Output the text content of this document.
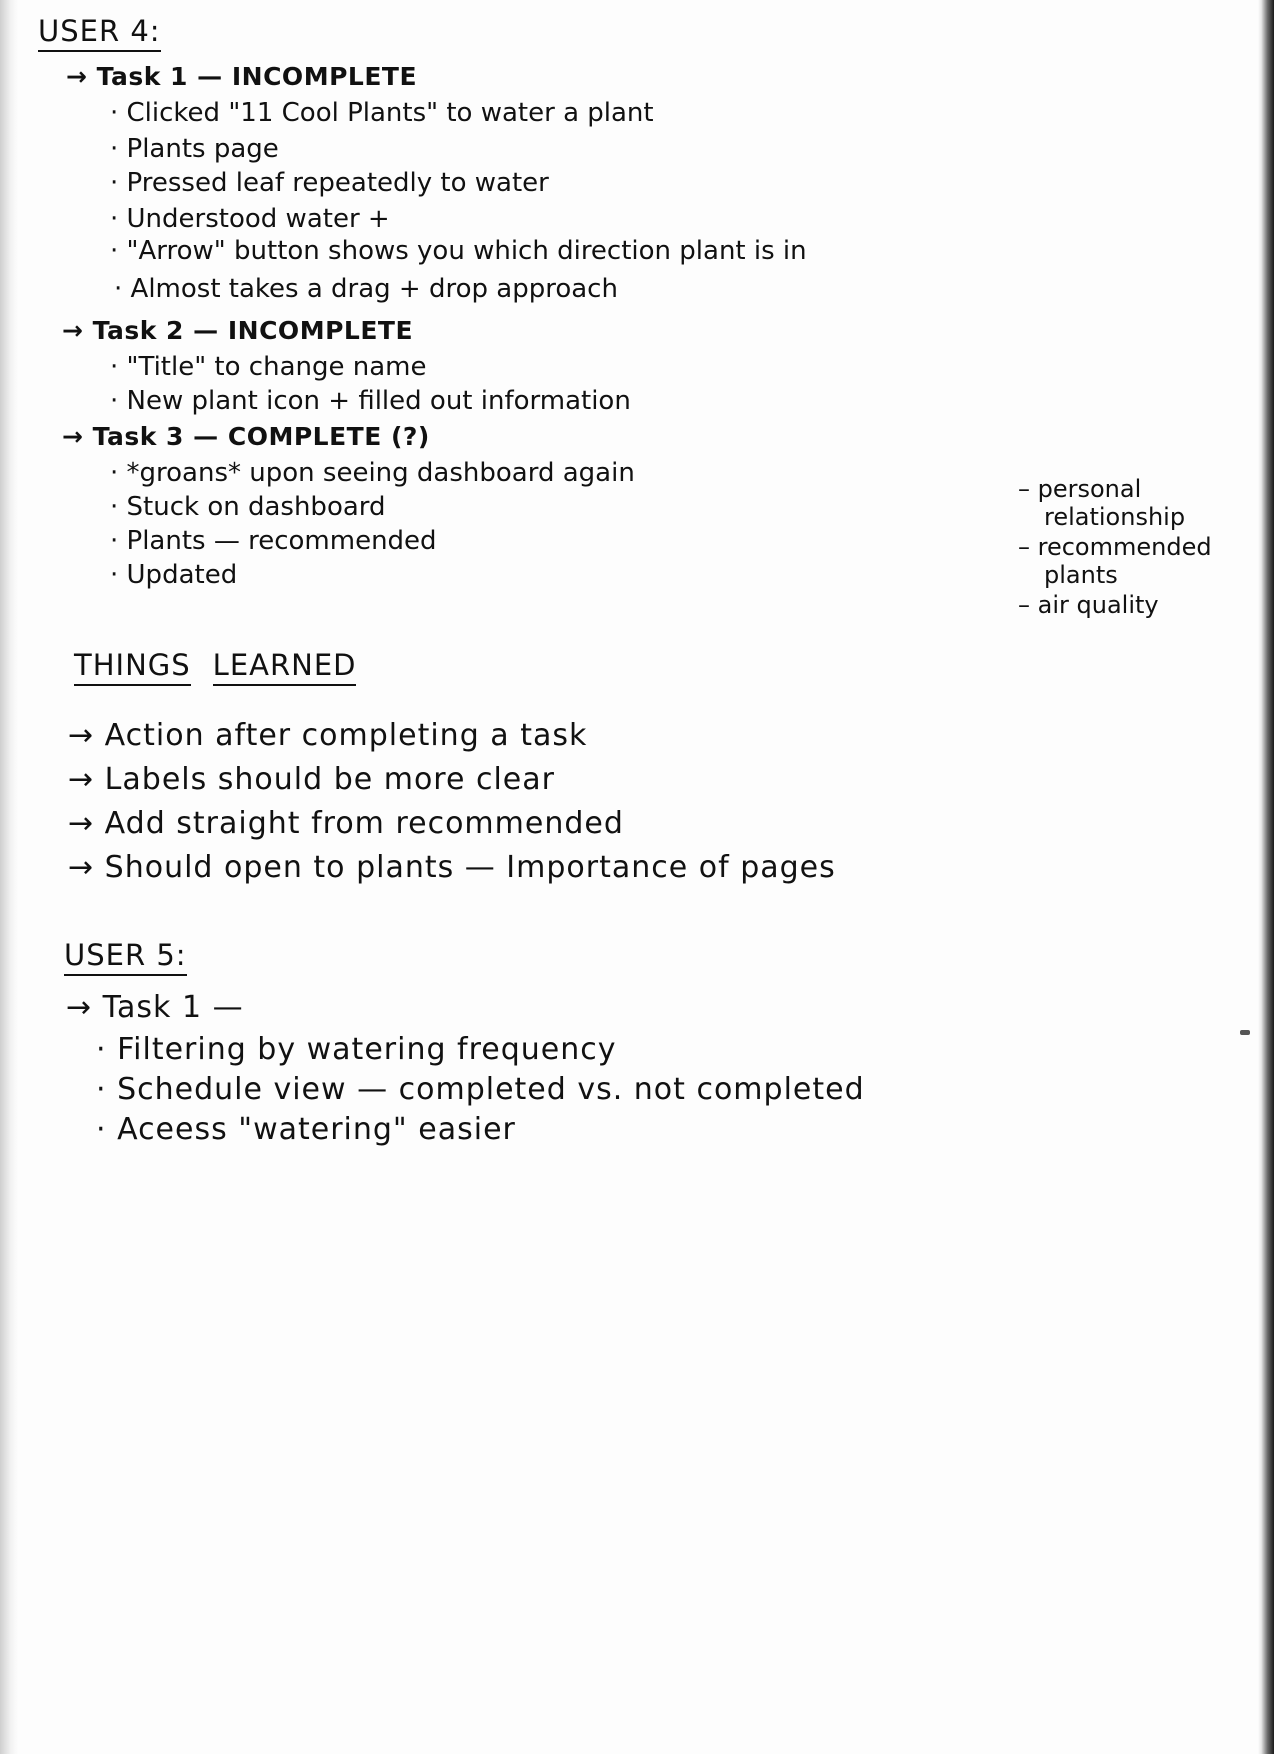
USER 4:
→ Task 1 — INCOMPLETE
· Clicked "11 Cool Plants" to water a plant
· Plants page
· Pressed leaf repeatedly to water
· Understood water +
· "Arrow" button shows you which direction plant is in
· Almost takes a drag + drop approach
→ Task 2 — INCOMPLETE
· "Title" to change name
· New plant icon + filled out information
→ Task 3 — COMPLETE (?)
· *groans* upon seeing dashboard again
· Stuck on dashboard
· Plants — recommended
· Updated
– personal
relationship
– recommended
plants
– air quality
THINGS LEARNED
→ Action after completing a task
→ Labels should be more clear
→ Add straight from recommended
→ Should open to plants — Importance of pages
USER 5:
→ Task 1 —
· Filtering by watering frequency
· Schedule view — completed vs. not completed
· Aceess "watering" easier
